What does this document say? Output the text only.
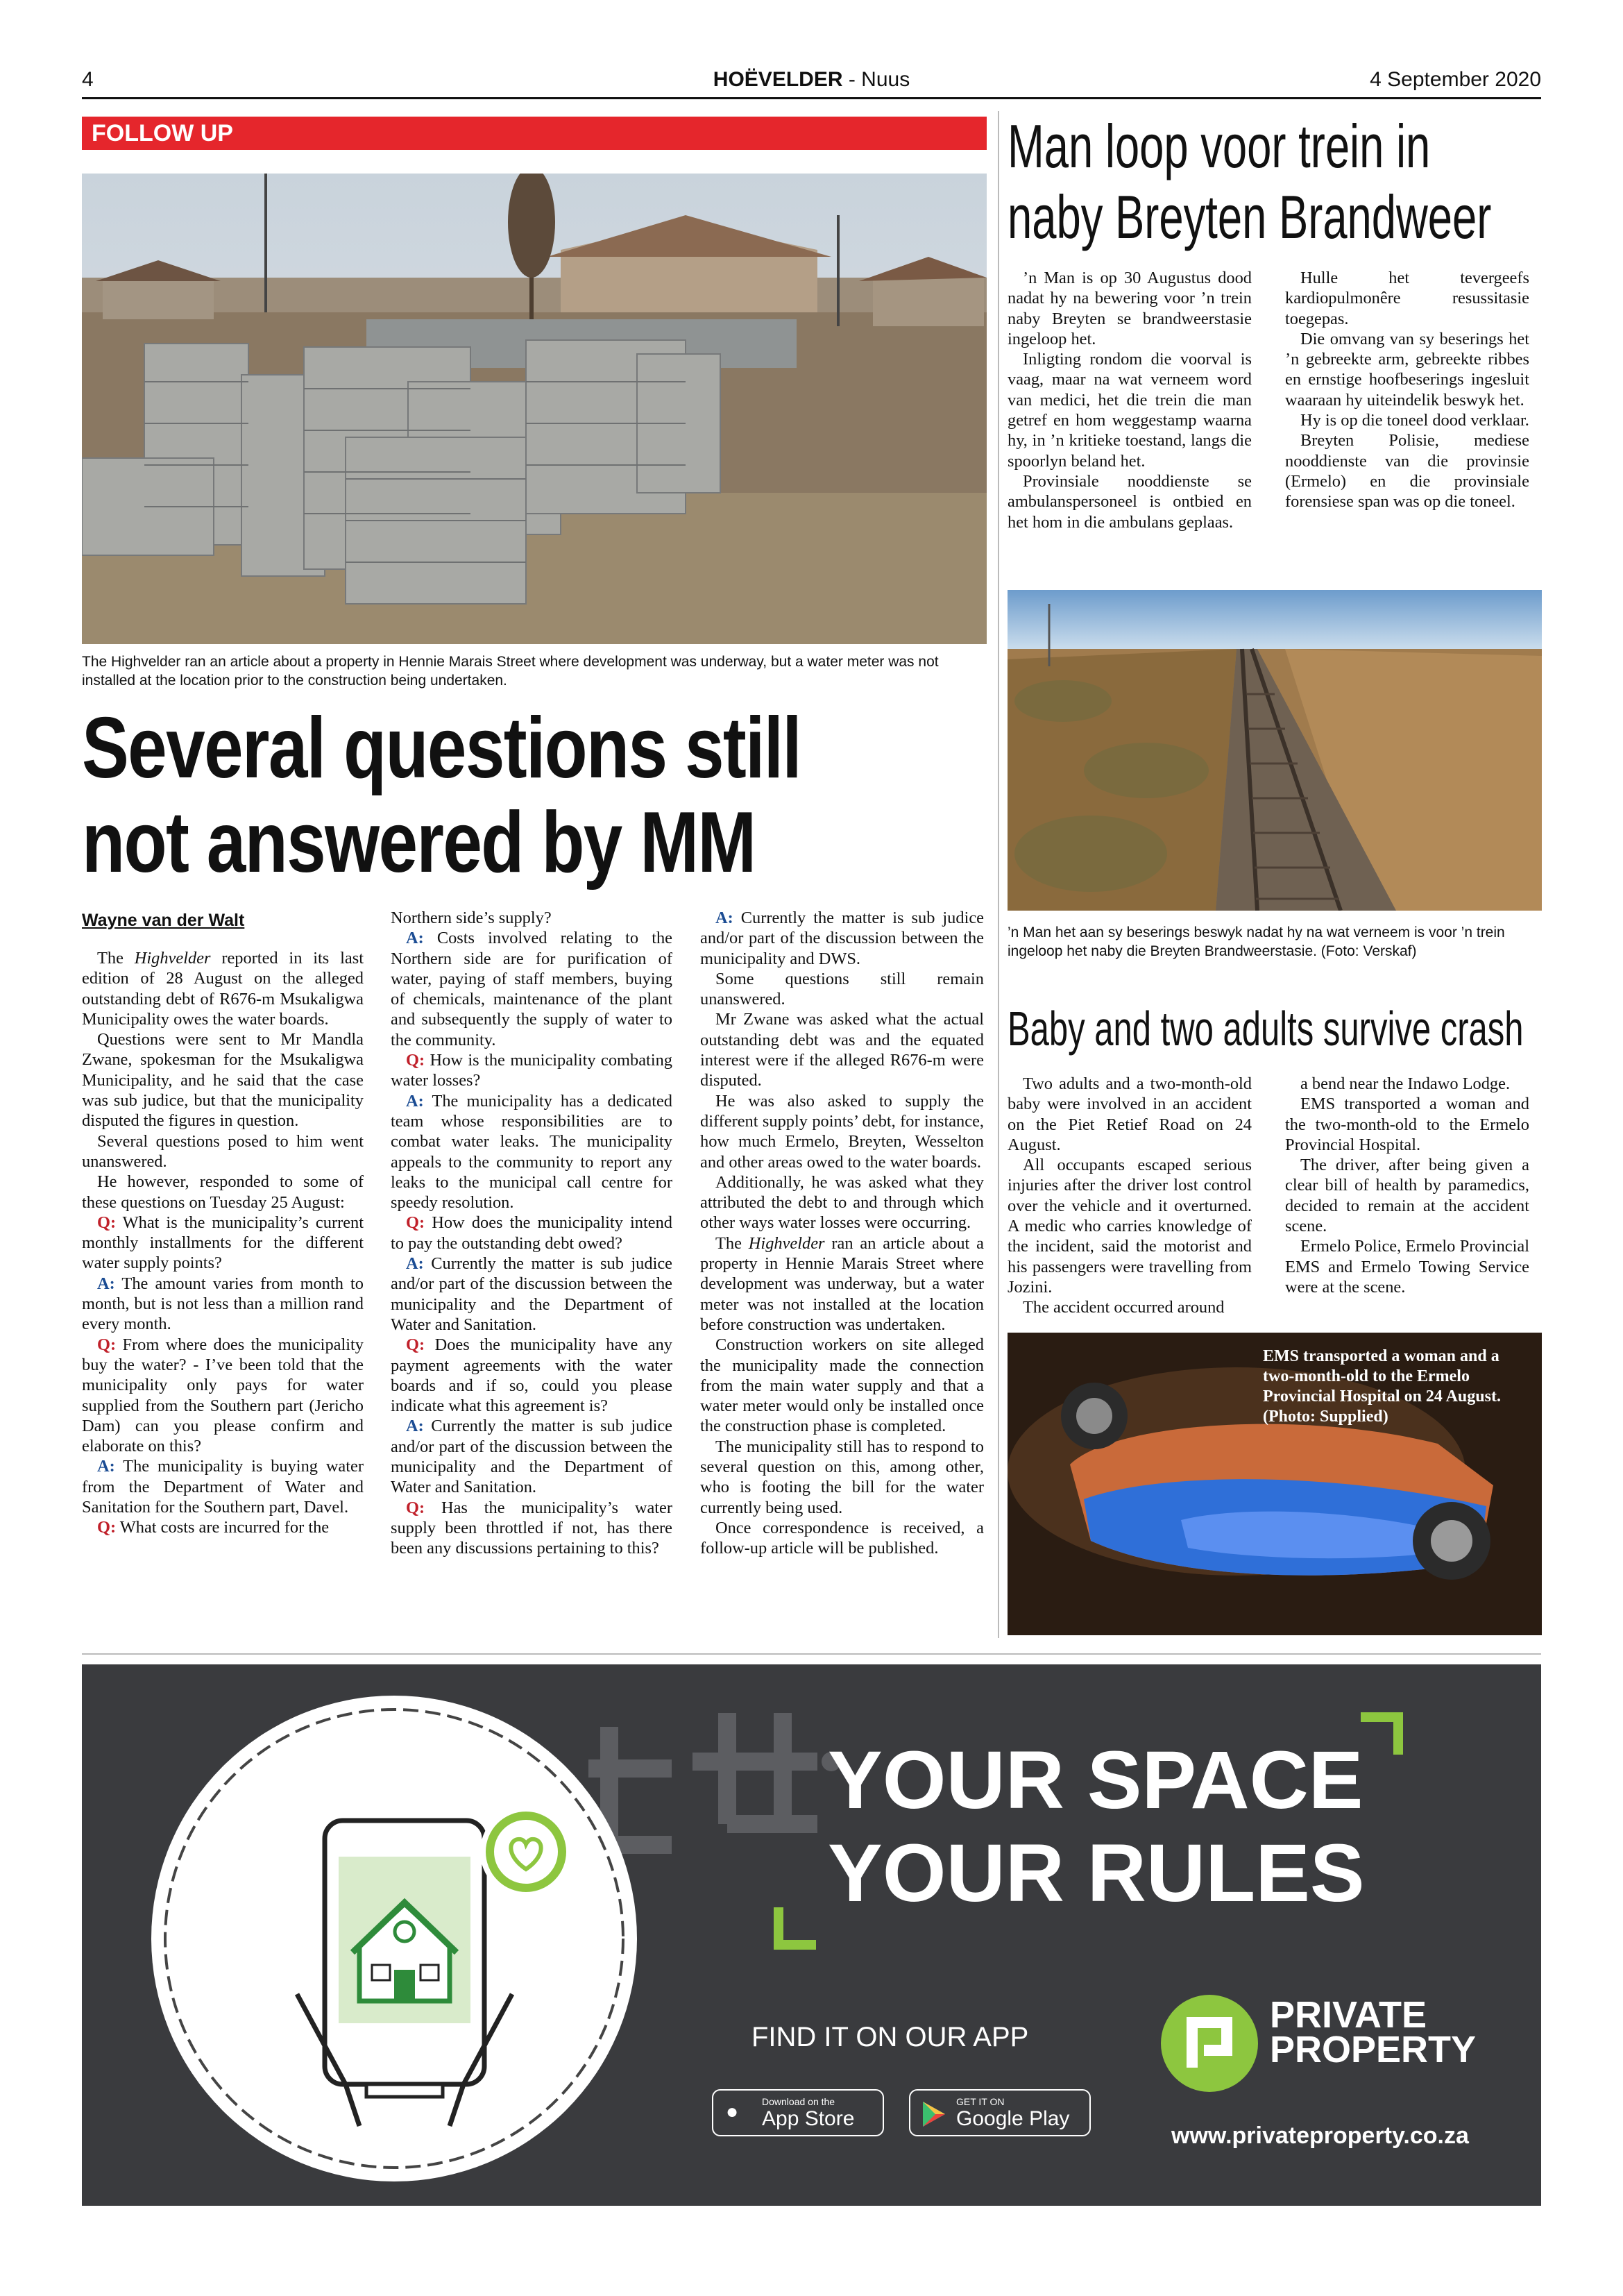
4	HOËVELDER - Nuus	4 September 2020
FOLLOW UP
The Highvelder ran an article about a property in Hennie Marais Street where development was underway, but a water meter was not installed at the location prior to the construction being undertaken.
Several questions still
not answered by MM
Wayne van der Walt

The Highvelder reported in its last edition of 28 August on the alleged outstanding debt of R676-m Msukaligwa Municipality owes the water boards.

Questions were sent to Mr Mandla Zwane, spokesman for the Msukaligwa Municipality, and he said that the case was sub judice, but that the municipality disputed the figures in question.

Several questions posed to him went unanswered.

He however, responded to some of these questions on Tuesday 25 August:

Q: What is the municipality’s current monthly installments for the different water supply points?

A: The amount varies from month to month, but is not less than a million rand every month.

Q: From where does the municipality buy the water? - I’ve been told that the municipality only pays for water supplied from the Southern part (Jericho Dam) can you please confirm and elaborate on this?

A: The municipality is buying water from the Department of Water and Sanitation for the Southern part, Davel.

Q: What costs are incurred for the

Northern side’s supply?

A: Costs involved relating to the Northern side are for purification of water, paying of staff members, buying of chemicals, maintenance of the plant and subsequently the supply of water to the community.

Q: How is the municipality combating water losses?

A: The municipality has a dedicated team whose responsibilities are to combat water leaks. The municipality appeals to the community to report any leaks to the municipal call centre for speedy resolution.

Q: How does the municipality intend to pay the outstanding debt owed?

A: Currently the matter is sub judice and/or part of the discussion between the municipality and the Department of Water and Sanitation.

Q: Does the municipality have any payment agreements with the water boards and if so, could you please indicate what this agreement is?

A: Currently the matter is sub judice and/or part of the discussion between the municipality and the Department of Water and Sanitation.

Q: Has the municipality’s water supply been throttled if not, has there been any discussions pertaining to this?

A: Currently the matter is sub judice and/or part of the discussion between the municipality and DWS.

Some questions still remain unanswered.

Mr Zwane was asked what the actual outstanding debt was and the equated interest were if the alleged R676-m were disputed.

He was also asked to supply the different supply points’ debt, for instance, how much Ermelo, Breyten, Wesselton and other areas owed to the water boards.

Additionally, he was asked what they attributed the debt to and through which other ways water losses were occurring.

The Highvelder ran an article about a property in Hennie Marais Street where development was underway, but a water meter was not installed at the location before construction was undertaken.

Construction workers on site alleged the municipality made the connection from the main water supply and that a water meter would only be installed once the construction phase is completed.

The municipality still has to respond to several question on this, among other, who is footing the bill for the water currently being used.

Once correspondence is received, a follow-up article will be published.

Man loop voor trein in
naby Breyten Brandweer

’n Man is op 30 Augustus dood nadat hy na bewering voor ’n trein naby Breyten se brandweerstasie ingeloop het.

Inligting rondom die voorval is vaag, maar na wat verneem word van medici, het die trein die man getref en hom weggestamp waarna hy, in ’n kritieke toestand, langs die spoorlyn beland het.

Provinsiale nooddienste se ambulanspersoneel is ontbied en het hom in die ambulans geplaas.

Hulle het tevergeefs kardiopulmonêre resussitasie toegepas.

Die omvang van sy beserings het ’n gebreekte arm, gebreekte ribbes en ernstige hoofbeserings ingesluit waaraan hy uiteindelik beswyk het.

Hy is op die toneel dood verklaar.

Breyten Polisie, mediese nooddienste van die provinsie (Ermelo) en die provinsiale forensiese span was op die toneel.

’n Man het aan sy beserings beswyk nadat hy na wat verneem is voor ’n trein ingeloop het naby die Breyten Brandweerstasie. (Foto: Verskaf)
Baby and two adults survive crash

Two adults and a two-month-old baby were involved in an accident on the Piet Retief Road on 24 August.

All occupants escaped serious injuries after the driver lost control over the vehicle and it overturned. A medic who carries knowledge of the incident, said the motorist and his passengers were travelling from Jozini.

The accident occurred around

a bend near the Indawo Lodge.

EMS transported a woman and the two-month-old to the Ermelo Provincial Hospital.

The driver, after being given a clear bill of health by paramedics, decided to remain at the accident scene.

Ermelo Police, Ermelo Provincial EMS and Ermelo Towing Service were at the scene.

EMS transported a woman and a two-month-old to the Ermelo Provincial Hospital on 24 August. (Photo: Supplied)
YOUR SPACE
YOUR RULES
FIND IT ON OUR APP
● Download on the
App Store
GET IT ON
Google Play
PRIVATE
PROPERTY
www.privateproperty.co.za
